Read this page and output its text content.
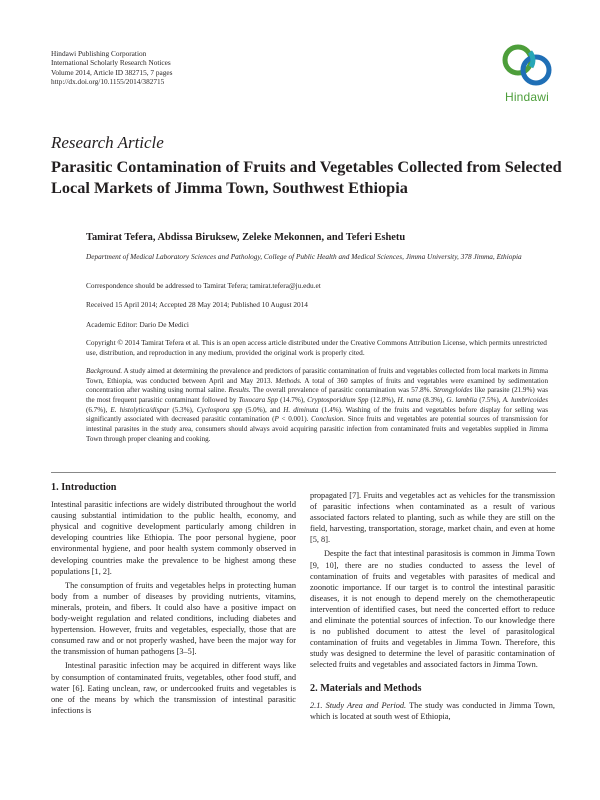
Hindawi Publishing Corporation
International Scholarly Research Notices
Volume 2014, Article ID 382715, 7 pages
http://dx.doi.org/10.1155/2014/382715
Hindawi
Research Article
Parasitic Contamination of Fruits and Vegetables Collected from Selected Local Markets of Jimma Town, Southwest Ethiopia
Tamirat Tefera, Abdissa Biruksew, Zeleke Mekonnen, and Teferi Eshetu
Department of Medical Laboratory Sciences and Pathology, College of Public Health and Medical Sciences, Jimma University, 378 Jimma, Ethiopia
Correspondence should be addressed to Tamirat Tefera; tamirat.tefera@ju.edu.et
Received 15 April 2014; Accepted 28 May 2014; Published 10 August 2014
Academic Editor: Dario De Medici
Copyright © 2014 Tamirat Tefera et al. This is an open access article distributed under the Creative Commons Attribution License, which permits unrestricted use, distribution, and reproduction in any medium, provided the original work is properly cited.
Background. A study aimed at determining the prevalence and predictors of parasitic contamination of fruits and vegetables collected from local markets in Jimma Town, Ethiopia, was conducted between April and May 2013. Methods. A total of 360 samples of fruits and vegetables were examined by sedimentation concentration after washing using normal saline. Results. The overall prevalence of parasitic contamination was 57.8%. Strongyloides like parasite (21.9%) was the most frequent parasitic contaminant followed by Toxocara Spp (14.7%), Cryptosporidium Spp (12.8%), H. nana (8.3%), G. lamblia (7.5%), A. lumbricoides (6.7%), E. histolytica/dispar (5.3%), Cyclospora spp (5.0%), and H. diminuta (1.4%). Washing of the fruits and vegetables before display for selling was significantly associated with decreased parasitic contamination (P < 0.001). Conclusion. Since fruits and vegetables are potential sources of transmission for intestinal parasites in the study area, consumers should always avoid acquiring parasitic infection from contaminated fruits and vegetables supplied in Jimma Town through proper cleaning and cooking.
1. Introduction

Intestinal parasitic infections are widely distributed throughout the world causing substantial intimidation to the public health, economy, and physical and cognitive development particularly among children in developing countries like Ethiopia. The poor personal hygiene, poor environmental hygiene, and poor health system commonly observed in developing countries make the prevalence to be highest among these populations [1, 2].

The consumption of fruits and vegetables helps in protecting human body from a number of diseases by providing nutrients, vitamins, minerals, protein, and fibers. It could also have a positive impact on body-weight regulation and related conditions, including diabetes and hypertension. However, fruits and vegetables, especially, those that are consumed raw and or not properly washed, have been the major way for the transmission of human pathogens [3–5].

Intestinal parasitic infection may be acquired in different ways like by consumption of contaminated fruits, vegetables, other food stuff, and water [6]. Eating unclean, raw, or undercooked fruits and vegetables is one of the means by which the transmission of intestinal parasitic infections is

propagated [7]. Fruits and vegetables act as vehicles for the transmission of parasitic infections when contaminated as a result of various associated factors related to planting, such as while they are still on the field, harvesting, transportation, storage, market chain, and even at home [5, 8].

Despite the fact that intestinal parasitosis is common in Jimma Town [9, 10], there are no studies conducted to assess the level of contamination of fruits and vegetables with parasites of medical and zoonotic importance. If our target is to control the intestinal parasitic diseases, it is not enough to depend merely on the chemotherapeutic intervention of identified cases, but need the concerted effort to reduce and eliminate the potential sources of infection. To our knowledge there is no published document to attest the level of parasitological contamination of fruits and vegetables in Jimma Town. Therefore, this study was designed to determine the level of parasitic contamination of selected fruits and vegetables and associated factors in Jimma Town.

2. Materials and Methods

2.1. Study Area and Period. The study was conducted in Jimma Town, which is located at south west of Ethiopia,
